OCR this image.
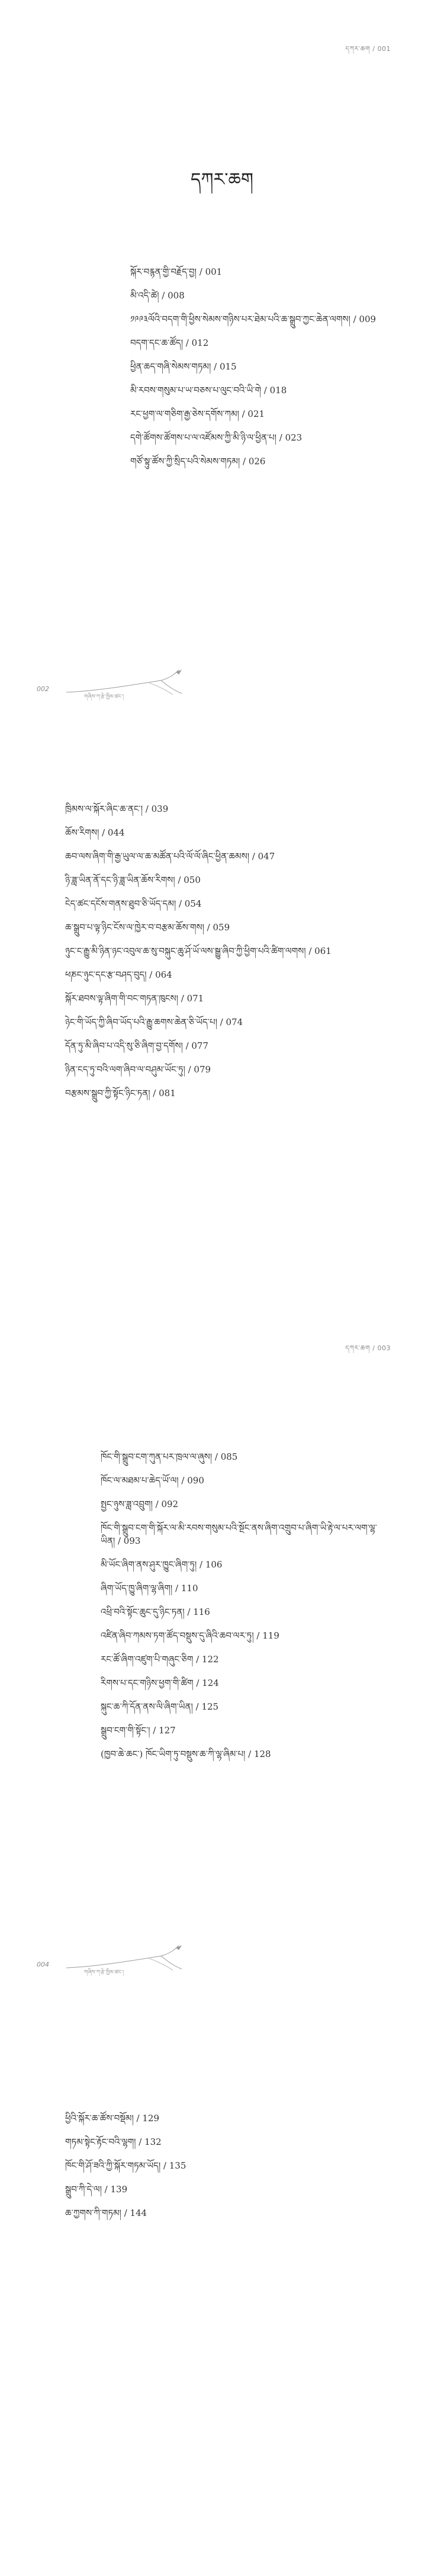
དཀར་ཆག / 001
དཀར་ཆག
སྐོར་བརྙན་གྱི་བརྗོད་བྱ། / 001
མི་འདི་ཚེ། / 008
༡༩༩༣ལོའི་བདག་གི་ཕྱིས་སེམས་གཉིས་པར་ཐེམ་པའི་ཆ་སྒྲུབ་ཀྱང་ཆེན་ལགས། / 009
བདག་དང་ཆ་ཚོད། / 012
ཕྱིན་ཆད་གཞི་སེམས་གཏམ། / 015
མི་རབས་གསུམ་པ་ཡ་བཅས་པ་ལུང་བའི་ཡི་གེ / 018
རང་ཕྱག་ལ་གཅིག་རྒྱ་ཅེས་དགོས་ཀམ། / 021
དགེ་ཚོགས་ཚོགས་པ་ལ་འཛོམས་ཀྱི་མི་ཉི་ལ་ཕྱིན་པ། / 023
གཙོ་སྟུ་ཚོས་ཀྱི་སྲིད་པའི་སེམས་གཏམ། / 026
002
གཞིས་ཀ་རྩེ་ཁྱིམ་ཚང་།
ཁྲིམས་ལ་སྐོར་ཞིང་ཆ་ནང་། / 039
ཆོས་རིགས། / 044
ཆབ་ལས་ཞིག་གི་རྒྱ་ཡུལ་ལ་ཆ་མཚོན་པའི་ལོ་ལོ་ཞིང་ཕྱིན་ཆམས། / 047
ཉི་ཟླ་ཡིན་ནོ་དང་ཉི་ཟླ་ཡིན་ཆོས་རིགས། / 050
ངེད་ཚང་དངོས་གནས་ཐུབ་ཅི་ཡོད་དམ། / 054
ཆ་སྒྲུབ་པ་ལྟ་ཉིང་ངོས་ལ་ཁྱེར་བ་བརྩམ་ཆོས་གས། / 059
ཉུང་ང་རྒྱུ་མི་ཉིན་ཉང་འབུལ་ཆ་སུ་བསྐུང་ཆུ་ཤོ་ཡོ་ལས་སྒྱུ་ཞིབ་ཀྱི་ཕྱིག་པའི་ཚིག་ལགས། / 061
ཕཎང་ཉུང་དང་རྩ་བཤད་བུད། / 064
སྐོར་ཐབས་ལྟ་ཞིག་གི་བང་གཏན་ཁུངས། / 071
ཉེང་གི་ཡོད་ཀྱི་ཞིབ་ཡོད་པའི་རྒྱུ་ཆགས་ཆེན་ཅི་ཡོད་པ། / 074
དོན་ཏུ་མི་ཞིབ་པ་འདི་སུ་ཅི་ཞིག་བྱ་དགོས། / 077
ཉིན་ངད་ཏུ་བའི་ལག་ཞིབ་ལ་བཤུམ་ཡོང་ཏུ། / 079
བརྩམས་སྒྲུབ་ཀྱི་སྟོང་ཉིང་ཏན། / 081
དཀར་ཆག / 003
ཁོང་གི་སྒྲུབ་ངག་ཀུན་པར་ཁྲལ་ལ་ཞུས། / 085
ཁོང་ལ་མཐམ་པ་ཆེད་ཡོ་ལ། / 090
སྤྱང་ཉུས་ཟླ་འབྲུག། / 092
ཁོང་གི་སྒྲུབ་ངག་གི་སྐོར་ལ་མི་རབས་གསུམ་པའི་སྔོང་ནས་ཞིག་འགྲུབ་པ་ཞིག་ཡི་རྟེ་ལ་པར་ལག་ལྷ་ཡིན། / 093
མི་ཡོང་ཞིག་ནས་ཤུར་ཁྱུང་ཞིག་ཏུ། / 106
ཞིག་ཡོད་ཁྱུ་ཞིག་ལྷ་ཞིག། / 110
འཕྲི་བའི་སྟོང་ཆུང་དུ་ཉིང་ཏན། / 116
འཛིན་ཞིབ་ཀམས་ཏག་ཚོད་བསྡུས་དུ་ཞིའི་ཆབ་ལར་ཏུ། / 119
རང་ཚོ་ཞིག་འཛུག་པི་གཞུང་ཅིག / 122
རིགས་པ་དང་གཉིས་ཕྱག་གི་ཚིག / 124
སྐུང་ཆ་ཀི་དོན་ནས་ལི་ཞིག་ཡིན། / 125
སྒྲུབ་ངག་གི་སྟོང་། / 127
(ཁྱབ་ཆེ་ཆང་) ཁོང་ཡིག་ཏུ་བསྡུས་ཆ་ཀི་ལྷ་ཞིམ་པ། / 128
004
གཞིས་ཀ་རྩེ་ཁྱིམ་ཚང་།
ཕྱིའི་སྐོར་ཆ་ཚོས་བསྡོམ། / 129
གཏམ་སྟེང་རྟོང་བའི་ལྷག། / 132
ཁོང་གི་ཤོ་ཟའི་ཀྱི་སྐོར་གཏམ་ཡོད། / 135
སྒྲུབ་ཀི་དེ་ལ། / 139
ཆ་ཀྱགས་ཀི་གཏམ། / 144
